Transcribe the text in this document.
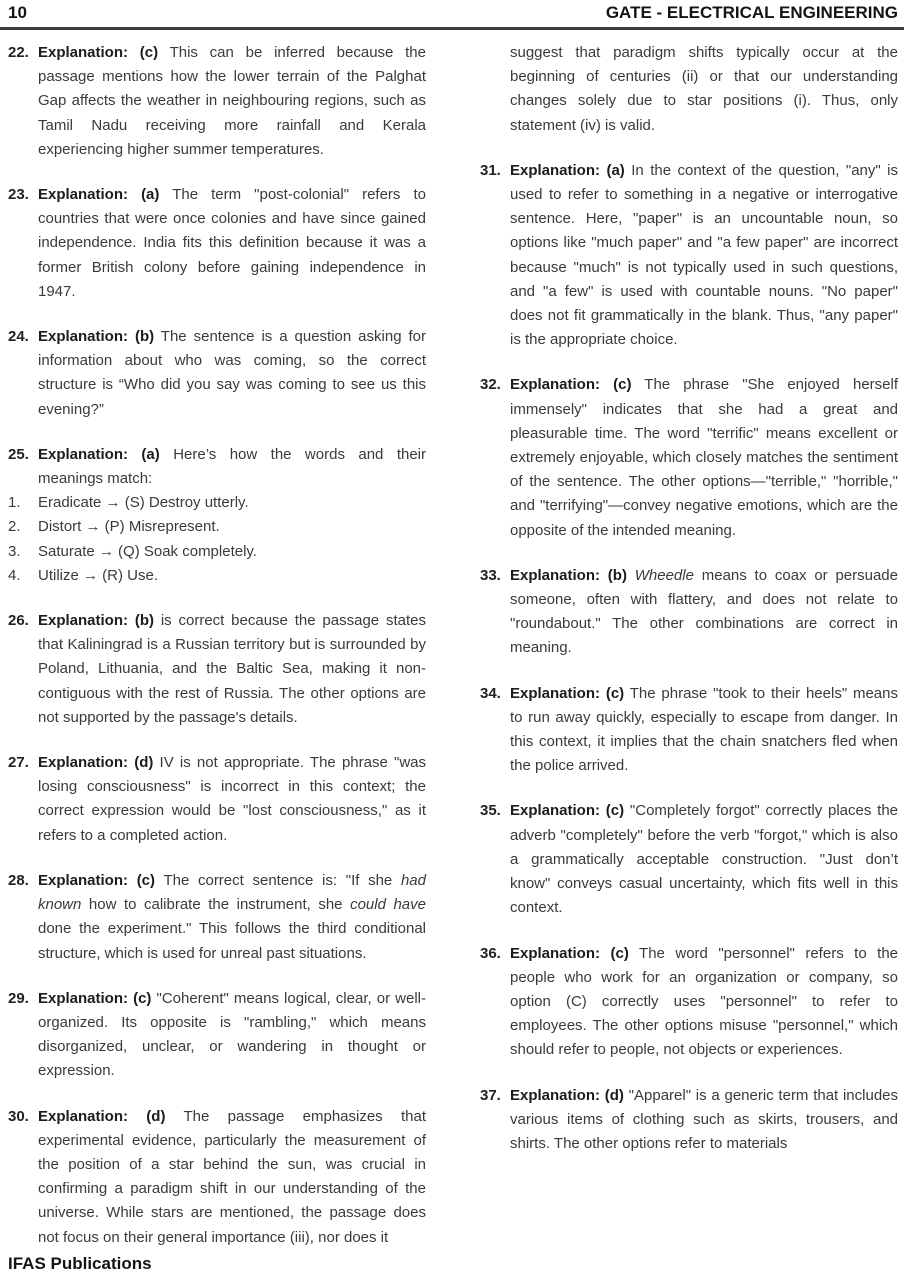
10	GATE - ELECTRICAL ENGINEERING
22. Explanation: (c) This can be inferred because the passage mentions how the lower terrain of the Palghat Gap affects the weather in neighbouring regions, such as Tamil Nadu receiving more rainfall and Kerala experiencing higher summer temperatures.

23. Explanation: (a) The term "post-colonial" refers to countries that were once colonies and have since gained independence. India fits this definition because it was a former British colony before gaining independence in 1947.

24. Explanation: (b) The sentence is a question asking for information about who was coming, so the correct structure is “Who did you say was coming to see us this evening?”

25. Explanation: (a) Here’s how the words and their meanings match:

1.	Eradicate → (S) Destroy utterly.

2.	Distort → (P) Misrepresent.

3.	Saturate → (Q) Soak completely.

4.	Utilize → (R) Use.

26. Explanation: (b) is correct because the passage states that Kaliningrad is a Russian territory but is surrounded by Poland, Lithuania, and the Baltic Sea, making it non-contiguous with the rest of Russia. The other options are not supported by the passage's details.

27. Explanation: (d) IV is not appropriate. The phrase "was losing consciousness" is incorrect in this context; the correct expression would be "lost consciousness," as it refers to a completed action.

28. Explanation: (c) The correct sentence is: "If she had known how to calibrate the instrument, she could have done the experiment." This follows the third conditional structure, which is used for unreal past situations.

29. Explanation: (c) "Coherent" means logical, clear, or well-organized. Its opposite is "rambling," which means disorganized, unclear, or wandering in thought or expression.

30. Explanation: (d) The passage emphasizes that experimental evidence, particularly the measurement of the position of a star behind the sun, was crucial in confirming a paradigm shift in our understanding of the universe. While stars are mentioned, the passage does not focus on their general importance (iii), nor does it

suggest that paradigm shifts typically occur at the beginning of centuries (ii) or that our understanding changes solely due to star positions (i). Thus, only statement (iv) is valid.

31. Explanation: (a) In the context of the question, "any" is used to refer to something in a negative or interrogative sentence. Here, "paper" is an uncountable noun, so options like "much paper" and "a few paper" are incorrect because "much" is not typically used in such questions, and "a few" is used with countable nouns. "No paper" does not fit grammatically in the blank. Thus, "any paper" is the appropriate choice.

32. Explanation: (c) The phrase "She enjoyed herself immensely" indicates that she had a great and pleasurable time. The word "terrific" means excellent or extremely enjoyable, which closely matches the sentiment of the sentence. The other options—"terrible," "horrible," and "terrifying"—convey negative emotions, which are the opposite of the intended meaning.

33. Explanation: (b) Wheedle means to coax or persuade someone, often with flattery, and does not relate to "roundabout." The other combinations are correct in meaning.

34. Explanation: (c) The phrase "took to their heels" means to run away quickly, especially to escape from danger. In this context, it implies that the chain snatchers fled when the police arrived.

35. Explanation: (c) "Completely forgot" correctly places the adverb "completely" before the verb "forgot," which is also a grammatically acceptable construction. "Just don’t know" conveys casual uncertainty, which fits well in this context.

36. Explanation: (c) The word "personnel" refers to the people who work for an organization or company, so option (C) correctly uses "personnel" to refer to employees. The other options misuse "personnel," which should refer to people, not objects or experiences.

37. Explanation: (d) "Apparel" is a generic term that includes various items of clothing such as skirts, trousers, and shirts. The other options refer to materials

IFAS Publications
